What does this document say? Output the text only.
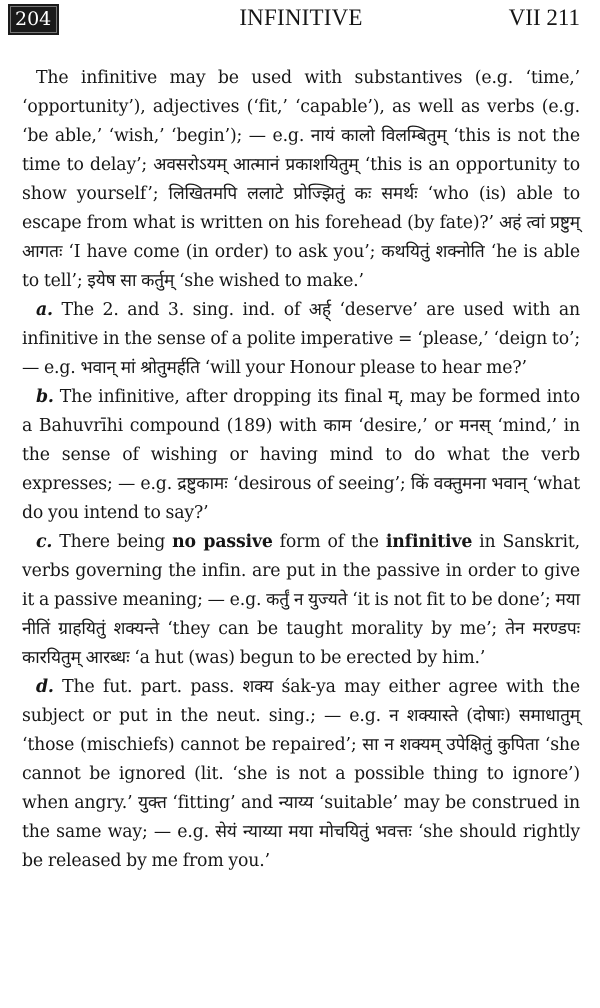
204	INFINITIVE	VII 211

The infinitive may be used with substantives (e.g. ‘time,’ ‘opportunity’), adjectives (‘fit,’ ‘capable’), as well as verbs (e.g. ‘be able,’ ‘wish,’ ‘begin’); — e.g. नायं कालो विलम्बितुम् ‘this is not the time to delay’; अवसरोऽयम् आत्मानं प्रकाशयितुम् ‘this is an opportunity to show yourself’; लिखितमपि ललाटे प्रोज्झितुं कः समर्थः ‘who (is) able to escape from what is written on his forehead (by fate)?’ अहं त्वां प्रष्टुम् आगतः ‘I have come (in order) to ask you’; कथयितुं शक्नोति ‘he is able to tell’; इयेष सा कर्तुम् ‘she wished to make.’

a. The 2. and 3. sing. ind. of अर्ह् ‘deserve’ are used with an infinitive in the sense of a polite imperative = ‘please,’ ‘deign to’; — e.g. भवान् मां श्रोतुमर्हति ‘will your Honour please to hear me?’

b. The infinitive, after dropping its final म्, may be formed into a Bahuvrīhi compound (189) with काम ‘desire,’ or मनस् ‘mind,’ in the sense of wishing or having mind to do what the verb expresses; — e.g. द्रष्टुकामः ‘desirous of seeing’; किं वक्तुमना भवान् ‘what do you intend to say?’

c. There being no passive form of the infinitive in Sanskrit, verbs governing the infin. are put in the passive in order to give it a passive meaning; — e.g. कर्तुं न युज्यते ‘it is not fit to be done’; मया नीतिं ग्राहयितुं शक्यन्ते ‘they can be taught morality by me’; तेन मरण्डपः कारयितुम् आरब्धः ‘a hut (was) begun to be erected by him.’

d. The fut. part. pass. शक्य śak-ya may either agree with the subject or put in the neut. sing.; — e.g. न शक्यास्ते (दोषाः) समाधातुम् ‘those (mischiefs) cannot be repaired’; सा न शक्यम् उपेक्षितुं कुपिता ‘she cannot be ignored (lit. ‘she is not a possible thing to ignore’) when angry.’ युक्त ‘fitting’ and न्याय्य ‘suitable’ may be construed in the same way; — e.g. सेयं न्याय्या मया मोचयितुं भवत्तः ‘she should rightly be released by me from you.’
